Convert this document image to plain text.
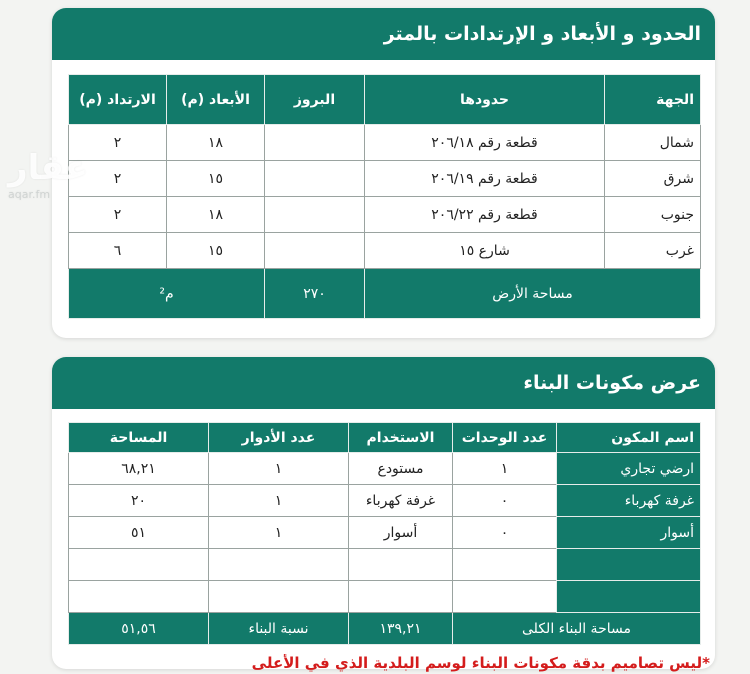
الحدود و الأبعاد و الإرتدادات بالمتر
الجهة	حدودها	البروز	الأبعاد (م)	الارتداد (م)
شمال	قطعة رقم ٢٠٦/١٨		١٨	٢
شرق	قطعة رقم ٢٠٦/١٩		١٥	٢
جنوب	قطعة رقم ٢٠٦/٢٢		١٨	٢
غرب	شارع ١٥		١٥	٦
مساحة الأرض		٢٧٠	م²	
عقار
aqar.fm
عرض مكونات البناء
اسم المكون	عدد الوحدات	الاستخدام	عدد الأدوار	المساحة
ارضي تجاري	١	مستودع	١	٦٨,٢١
غرفة كهرباء	٠	غرفة كهرباء	١	٢٠
أسوار	٠	أسوار	١	٥١

مساحة البناء الكلى		١٣٩,٢١	نسبة البناء	٥١,٥٦
*ليس تصاميم بدقة مكونات البناء لوسم البلدية الذي في الأعلى
